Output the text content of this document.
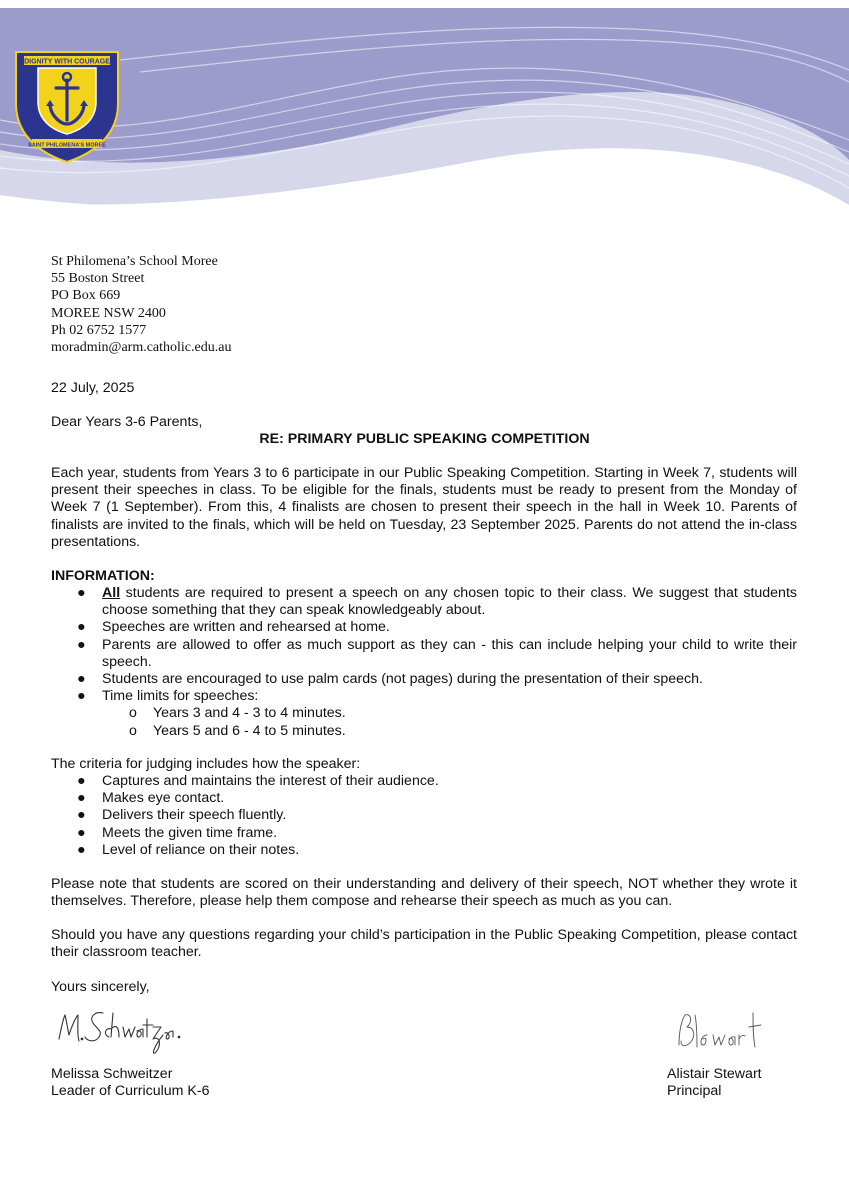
DIGNITY WITH COURAGE
SAINT PHILOMENA'S MOREE
St Philomena’s School Moree
55 Boston Street
PO Box 669
MOREE NSW 2400
Ph 02 6752 1577
moradmin@arm.catholic.edu.au
22 July, 2025
Dear Years 3-6 Parents,
RE: PRIMARY PUBLIC SPEAKING COMPETITION
Each year, students from Years 3 to 6 participate in our Public Speaking Competition. Starting in Week 7, students will present their speeches in class. To be eligible for the finals, students must be ready to present from the Monday of Week 7 (1 September). From this, 4 finalists are chosen to present their speech in the hall in Week 10. Parents of finalists are invited to the finals, which will be held on Tuesday, 23 September 2025. Parents do not attend the in-class presentations.
INFORMATION:
● All students are required to present a speech on any chosen topic to their class. We suggest that students choose something that they can speak knowledgeably about.
● Speeches are written and rehearsed at home.
● Parents are allowed to offer as much support as they can - this can include helping your child to write their speech.
● Students are encouraged to use palm cards (not pages) during the presentation of their speech.
● Time limits for speeches:
o Years 3 and 4 - 3 to 4 minutes.
o Years 5 and 6 - 4 to 5 minutes.
The criteria for judging includes how the speaker:
● Captures and maintains the interest of their audience.
● Makes eye contact.
● Delivers their speech fluently.
● Meets the given time frame.
● Level of reliance on their notes.
Please note that students are scored on their understanding and delivery of their speech, NOT whether they wrote it themselves. Therefore, please help them compose and rehearse their speech as much as you can.
Should you have any questions regarding your child’s participation in the Public Speaking Competition, please contact their classroom teacher.
Yours sincerely,
Melissa Schweitzer
Leader of Curriculum K-6
Alistair Stewart
Principal
